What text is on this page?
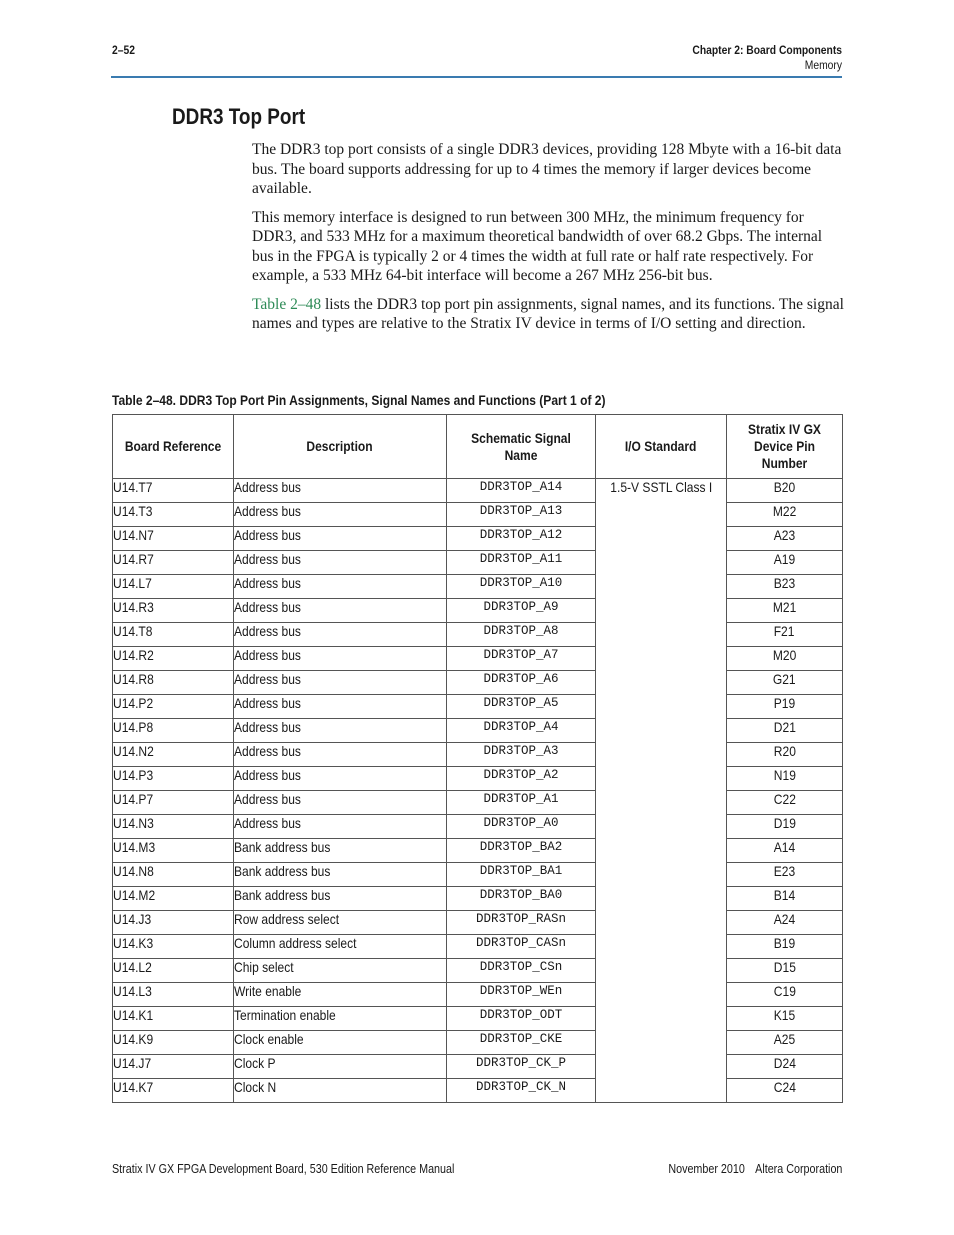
2–52	Chapter 2: Board Components
Memory
DDR3 Top Port

The DDR3 top port consists of a single DDR3 devices, providing 128 Mbyte with a 16-bit data bus. The board supports addressing for up to 4 times the memory if larger devices become available.

This memory interface is designed to run between 300 MHz, the minimum frequency for DDR3, and 533 MHz for a maximum theoretical bandwidth of over 68.2 Gbps. The internal bus in the FPGA is typically 2 or 4 times the width at full rate or half rate respectively. For example, a 533 MHz 64-bit interface will become a 267 MHz 256-bit bus.

Table 2–48 lists the DDR3 top port pin assignments, signal names, and its functions. The signal names and types are relative to the Stratix IV device in terms of I/O setting and direction.

Table 2–48. DDR3 Top Port Pin Assignments, Signal Names and Functions (Part 1 of 2)
Board Reference	Description	Schematic Signal Name	I/O Standard	Stratix IV GX Device Pin Number
U14.T7	Address bus	DDR3TOP_A14	1.5-V SSTL Class I	B20
U14.T3	Address bus	DDR3TOP_A13		M22
U14.N7	Address bus	DDR3TOP_A12		A23
U14.R7	Address bus	DDR3TOP_A11		A19
U14.L7	Address bus	DDR3TOP_A10		B23
U14.R3	Address bus	DDR3TOP_A9		M21
U14.T8	Address bus	DDR3TOP_A8		F21
U14.R2	Address bus	DDR3TOP_A7		M20
U14.R8	Address bus	DDR3TOP_A6		G21
U14.P2	Address bus	DDR3TOP_A5		P19
U14.P8	Address bus	DDR3TOP_A4		D21
U14.N2	Address bus	DDR3TOP_A3		R20
U14.P3	Address bus	DDR3TOP_A2		N19
U14.P7	Address bus	DDR3TOP_A1		C22
U14.N3	Address bus	DDR3TOP_A0		D19
U14.M3	Bank address bus	DDR3TOP_BA2		A14
U14.N8	Bank address bus	DDR3TOP_BA1		E23
U14.M2	Bank address bus	DDR3TOP_BA0		B14
U14.J3	Row address select	DDR3TOP_RASn		A24
U14.K3	Column address select	DDR3TOP_CASn		B19
U14.L2	Chip select	DDR3TOP_CSn		D15
U14.L3	Write enable	DDR3TOP_WEn		C19
U14.K1	Termination enable	DDR3TOP_ODT		K15
U14.K9	Clock enable	DDR3TOP_CKE		A25
U14.J7	Clock P	DDR3TOP_CK_P		D24
U14.K7	Clock N	DDR3TOP_CK_N		C24
Stratix IV GX FPGA Development Board, 530 Edition Reference Manual	November 2010 Altera Corporation
